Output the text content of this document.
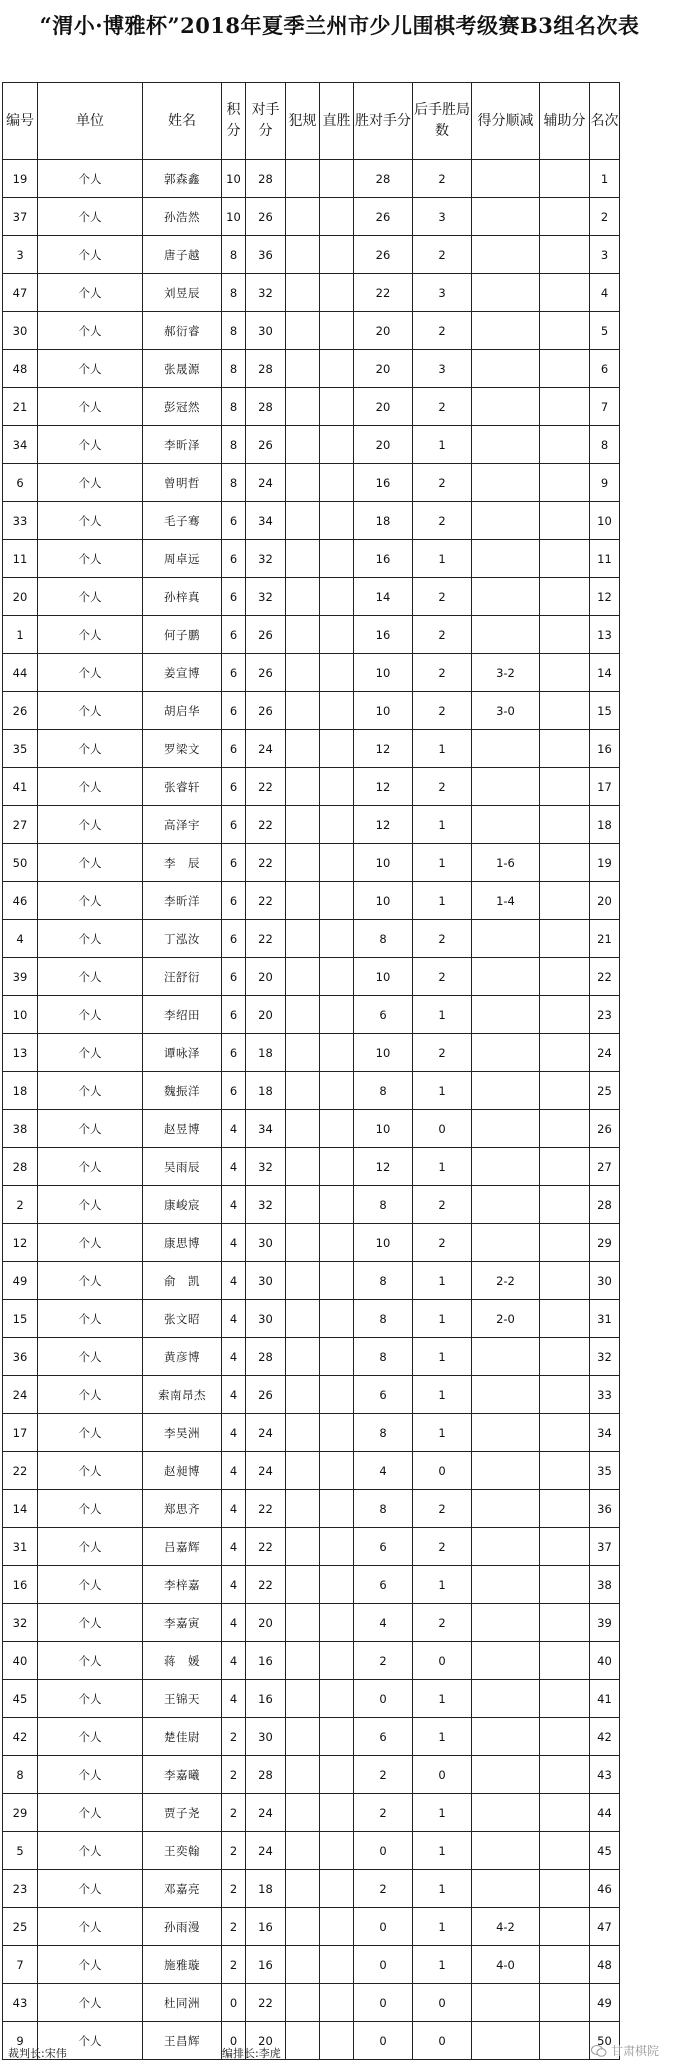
“渭小·博雅杯”2018年夏季兰州市少儿围棋考级赛B3组名次表
编号	单位	姓名	积分	对手分	犯规	直胜	胜对手分	后手胜局数	得分顺减	辅助分	名次
19	个人	郭森鑫	10	28			28	2			1
37	个人	孙浩然	10	26			26	3			2
3	个人	唐子越	8	36			26	2			3
47	个人	刘昱辰	8	32			22	3			4
30	个人	郝衍睿	8	30			20	2			5
48	个人	张晟源	8	28			20	3			6
21	个人	彭冠然	8	28			20	2			7
34	个人	李昕泽	8	26			20	1			8
6	个人	曾明哲	8	24			16	2			9
33	个人	毛子骞	6	34			18	2			10
11	个人	周卓远	6	32			16	1			11
20	个人	孙梓真	6	32			14	2			12
1	个人	何子鹏	6	26			16	2			13
44	个人	姜宣博	6	26			10	2	3-2		14
26	个人	胡启华	6	26			10	2	3-0		15
35	个人	罗梁文	6	24			12	1			16
41	个人	张睿轩	6	22			12	2			17
27	个人	高泽宇	6	22			12	1			18
50	个人	李　辰	6	22			10	1	1-6		19
46	个人	李昕洋	6	22			10	1	1-4		20
4	个人	丁泓汝	6	22			8	2			21
39	个人	汪舒衍	6	20			10	2			22
10	个人	李绍田	6	20			6	1			23
13	个人	谭咏泽	6	18			10	2			24
18	个人	魏振洋	6	18			8	1			25
38	个人	赵昱博	4	34			10	0			26
28	个人	吴雨辰	4	32			12	1			27
2	个人	康峻宸	4	32			8	2			28
12	个人	康思博	4	30			10	2			29
49	个人	俞　凯	4	30			8	1	2-2		30
15	个人	张文昭	4	30			8	1	2-0		31
36	个人	黄彦博	4	28			8	1			32
24	个人	索南昂杰	4	26			6	1			33
17	个人	李昊洲	4	24			8	1			34
22	个人	赵昶博	4	24			4	0			35
14	个人	郑思齐	4	22			8	2			36
31	个人	吕嘉辉	4	22			6	2			37
16	个人	李梓嘉	4	22			6	1			38
32	个人	李嘉寅	4	20			4	2			39
40	个人	蒋　媛	4	16			2	0			40
45	个人	王锦天	4	16			0	1			41
42	个人	楚佳尉	2	30			6	1			42
8	个人	李嘉曦	2	28			2	0			43
29	个人	贾子尧	2	24			2	1			44
5	个人	王奕翰	2	24			0	1			45
23	个人	邓嘉亮	2	18			2	1			46
25	个人	孙雨漫	2	16			0	1	4-2		47
7	个人	施雅璇	2	16			0	1	4-0		48
43	个人	杜同洲	0	22			0	0			49
9	个人	王昌辉	0	20			0	0			50
裁判长:宋伟	编排长:李虎	甘肃棋院
